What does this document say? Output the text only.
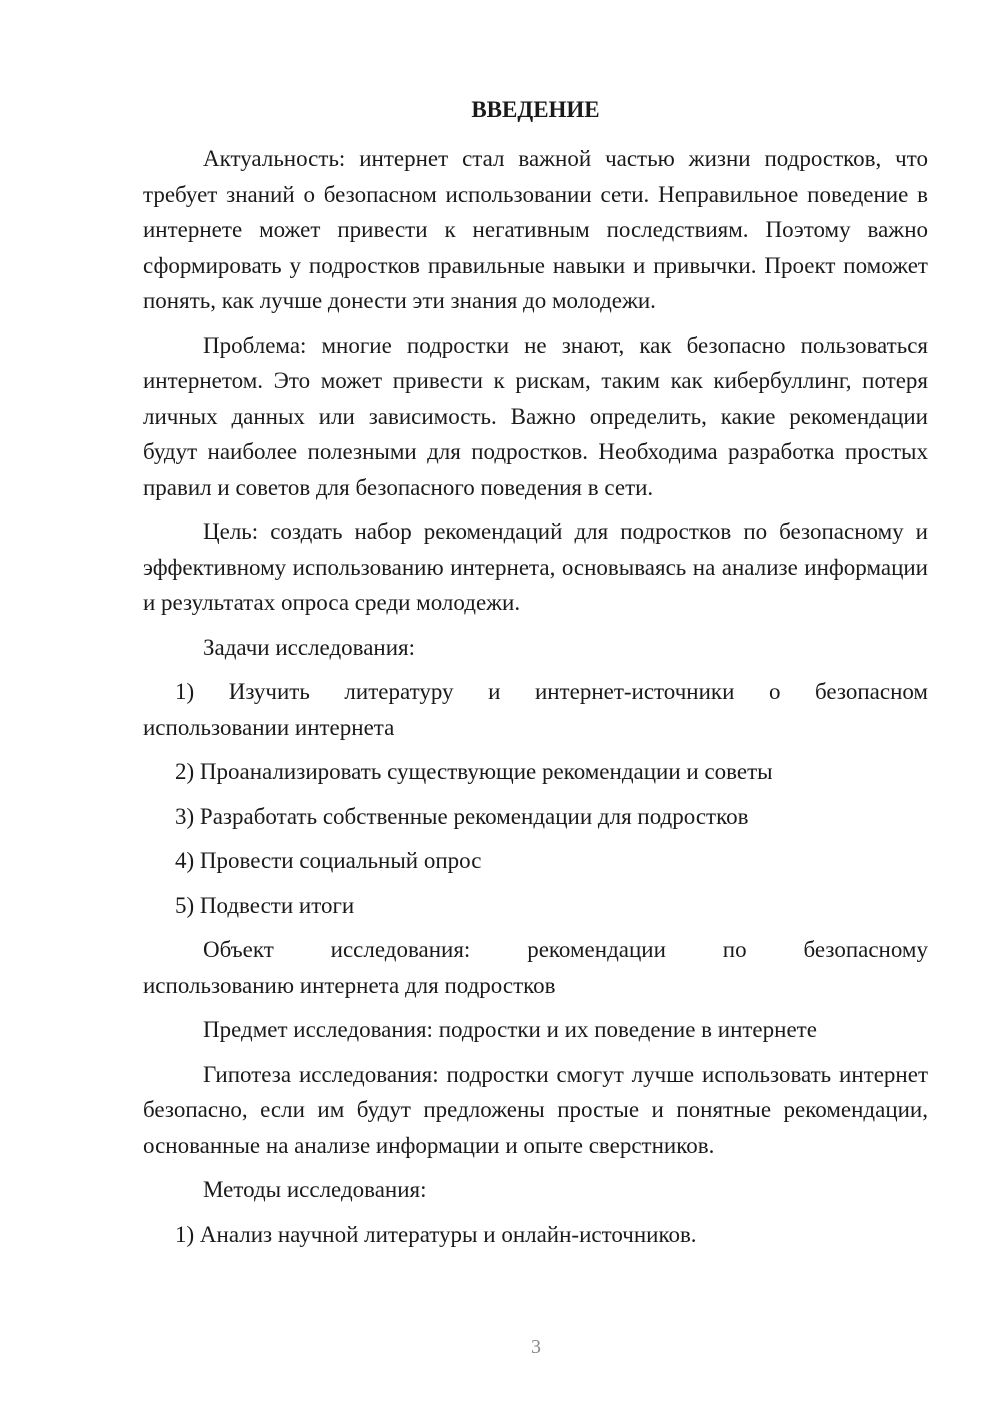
ВВЕДЕНИЕ

Актуальность: интернет стал важной частью жизни подростков, что требует знаний о безопасном использовании сети. Неправильное поведение в интернете может привести к негативным последствиям. Поэтому важно сформировать у подростков правильные навыки и привычки. Проект поможет понять, как лучше донести эти знания до молодежи.

Проблема: многие подростки не знают, как безопасно пользоваться интернетом. Это может привести к рискам, таким как кибербуллинг, потеря личных данных или зависимость. Важно определить, какие рекомендации будут наиболее полезными для подростков. Необходима разработка простых правил и советов для безопасного поведения в сети.

Цель: создать набор рекомендаций для подростков по безопасному и эффективному использованию интернета, основываясь на анализе информации и результатах опроса среди молодежи.

Задачи исследования:

1) Изучить литературу и интернет-источники о безопасном

использовании интернета

2) Проанализировать существующие рекомендации и советы

3) Разработать собственные рекомендации для подростков

4) Провести социальный опрос

5) Подвести итоги

Объект исследования: рекомендации по безопасному

использованию интернета для подростков

Предмет исследования: подростки и их поведение в интернете

Гипотеза исследования: подростки смогут лучше использовать интернет безопасно, если им будут предложены простые и понятные рекомендации, основанные на анализе информации и опыте сверстников.

Методы исследования:

1) Анализ научной литературы и онлайн-источников.

3
